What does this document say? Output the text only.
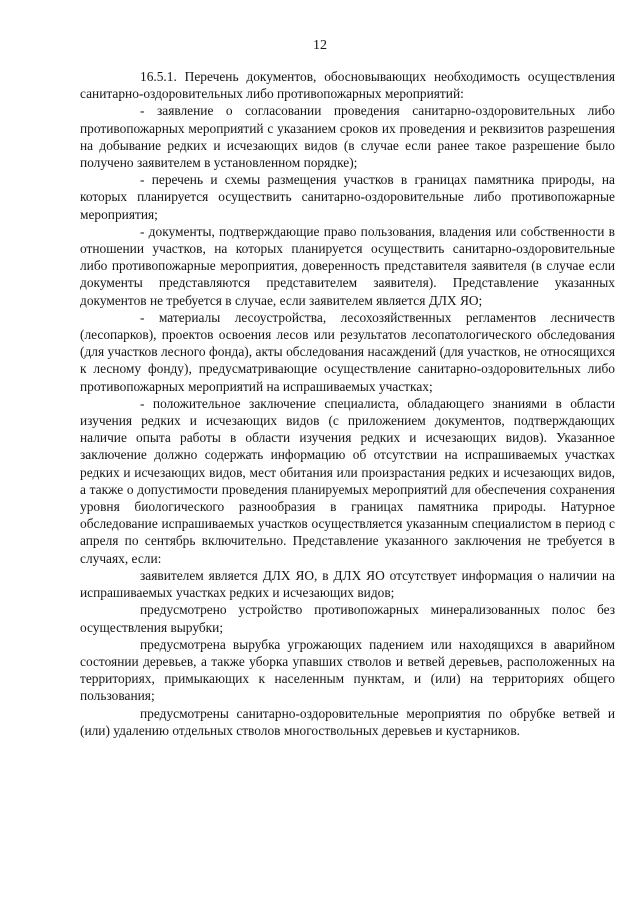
12

16.5.1. Перечень документов, обосновывающих необходимость осуществления санитарно-оздоровительных либо противопожарных мероприятий:

- заявление о согласовании проведения санитарно-оздоровительных либо противопожарных мероприятий с указанием сроков их проведения и реквизитов разрешения на добывание редких и исчезающих видов (в случае если ранее такое разрешение было получено заявителем в установленном порядке);

- перечень и схемы размещения участков в границах памятника природы, на которых планируется осуществить санитарно-оздоровительные либо противопожарные мероприятия;

- документы, подтверждающие право пользования, владения или собственности в отношении участков, на которых планируется осуществить санитарно-оздоровительные либо противопожарные мероприятия, доверенность представителя заявителя (в случае если документы представляются представителем заявителя). Представление указанных документов не требуется в случае, если заявителем является ДЛХ ЯО;

- материалы лесоустройства, лесохозяйственных регламентов лесничеств (лесопарков), проектов освоения лесов или результатов лесопатологического обследования (для участков лесного фонда), акты обследования насаждений (для участков, не относящихся к лесному фонду), предусматривающие осуществление санитарно-оздоровительных либо противопожарных мероприятий на испрашиваемых участках;

- положительное заключение специалиста, обладающего знаниями в области изучения редких и исчезающих видов (с приложением документов, подтверждающих наличие опыта работы в области изучения редких и исчезающих видов). Указанное заключение должно содержать информацию об отсутствии на испрашиваемых участках редких и исчезающих видов, мест обитания или произрастания редких и исчезающих видов, а также о допустимости проведения планируемых мероприятий для обеспечения сохранения уровня биологического разнообразия в границах памятника природы. Натурное обследование испрашиваемых участков осуществляется указанным специалистом в период с апреля по сентябрь включительно. Представление указанного заключения не требуется в случаях, если:

заявителем является ДЛХ ЯО, в ДЛХ ЯО отсутствует информация о наличии на испрашиваемых участках редких и исчезающих видов;

предусмотрено устройство противопожарных минерализованных полос без осуществления вырубки;

предусмотрена вырубка угрожающих падением или находящихся в аварийном состоянии деревьев, а также уборка упавших стволов и ветвей деревьев, расположенных на территориях, примыкающих к населенным пунктам, и (или) на территориях общего пользования;

предусмотрены санитарно-оздоровительные мероприятия по обрубке ветвей и (или) удалению отдельных стволов многоствольных деревьев и кустарников.
